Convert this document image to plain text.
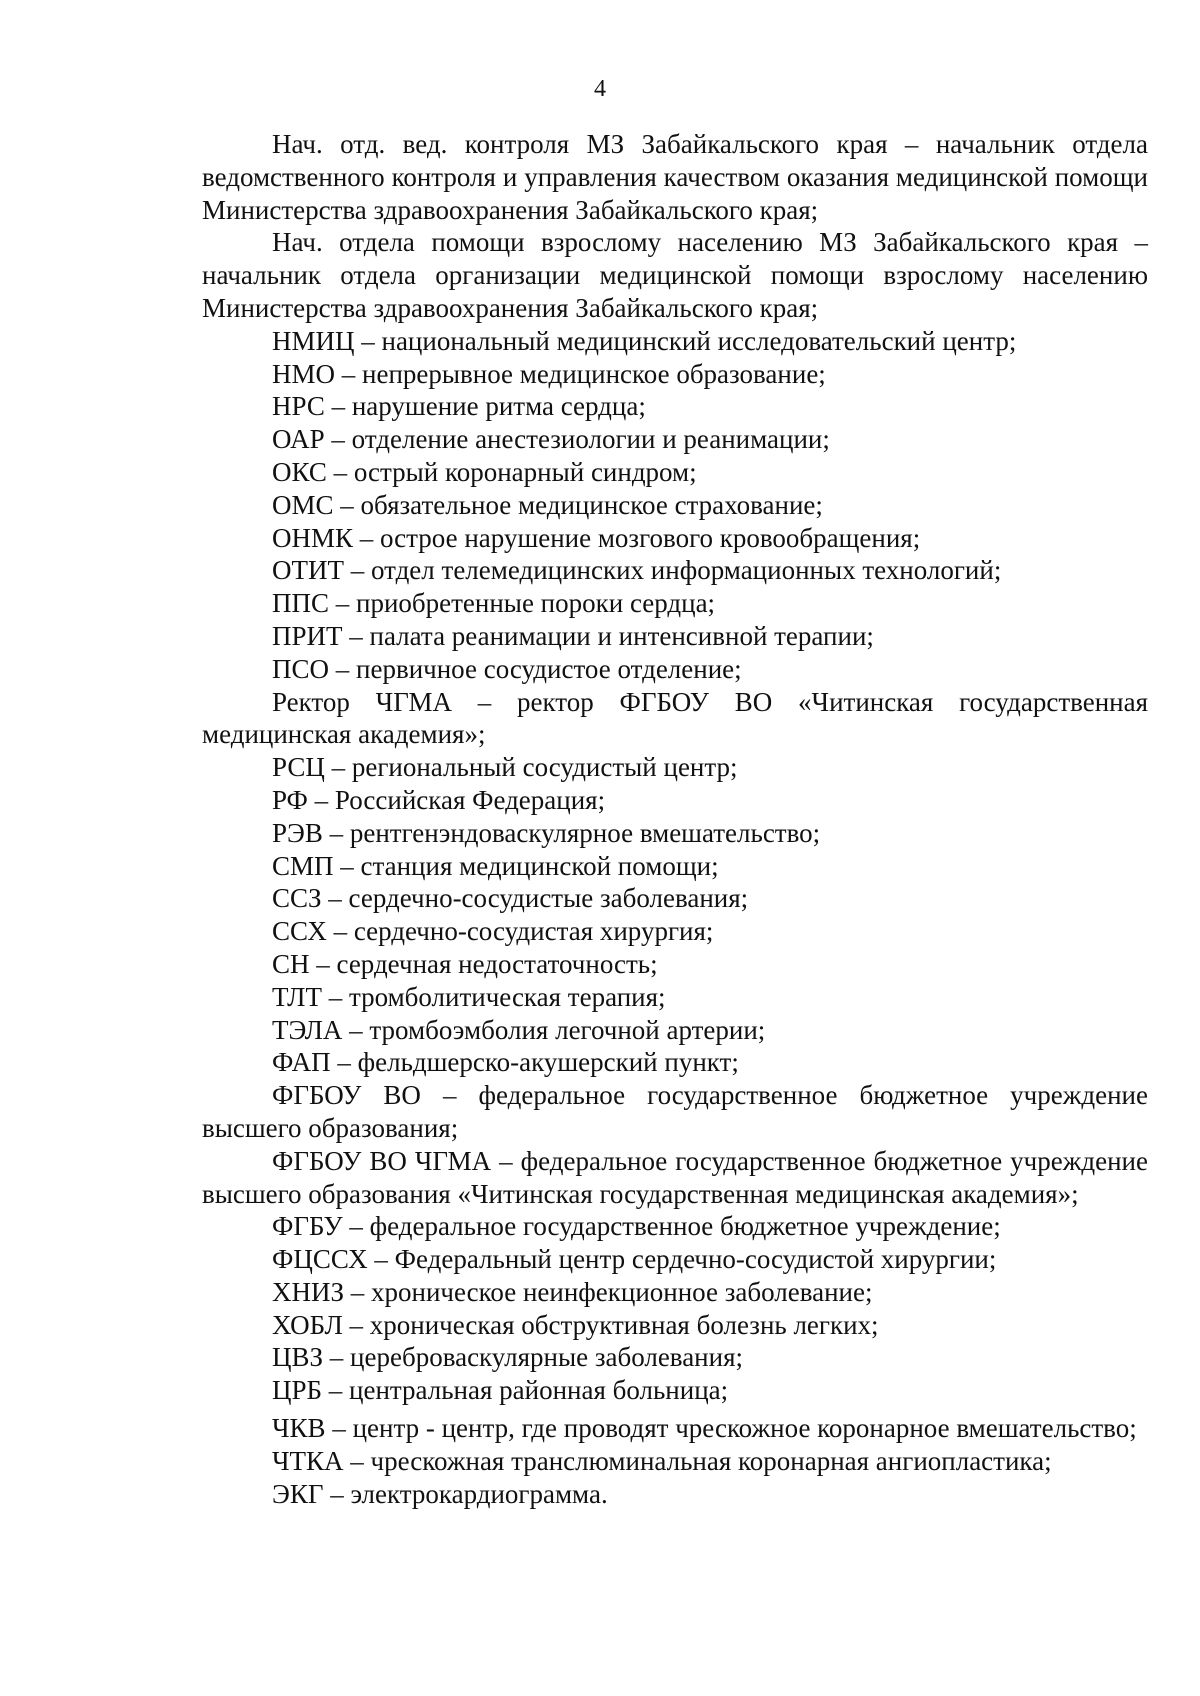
4

Нач. отд. вед. контроля МЗ Забайкальского края – начальник отдела ведомственного контроля и управления качеством оказания медицинской помощи Министерства здравоохранения Забайкальского края;

Нач. отдела помощи взрослому населению МЗ Забайкальского края – начальник отдела организации медицинской помощи взрослому населению Министерства здравоохранения Забайкальского края;

НМИЦ – национальный медицинский исследовательский центр;

НМО – непрерывное медицинское образование;

НРС – нарушение ритма сердца;

ОАР – отделение анестезиологии и реанимации;

ОКС – острый коронарный синдром;

ОМС – обязательное медицинское страхование;

ОНМК – острое нарушение мозгового кровообращения;

ОТИТ – отдел телемедицинских информационных технологий;

ППС – приобретенные пороки сердца;

ПРИТ – палата реанимации и интенсивной терапии;

ПСО – первичное сосудистое отделение;

Ректор ЧГМА – ректор ФГБОУ ВО «Читинская государственная медицинская академия»;

РСЦ – региональный сосудистый центр;

РФ – Российская Федерация;

РЭВ – рентгенэндоваскулярное вмешательство;

СМП – станция медицинской помощи;

ССЗ – сердечно-сосудистые заболевания;

ССХ – сердечно-сосудистая хирургия;

СН – сердечная недостаточность;

ТЛТ – тромболитическая терапия;

ТЭЛА – тромбоэмболия легочной артерии;

ФАП – фельдшерско-акушерский пункт;

ФГБОУ ВО – федеральное государственное бюджетное учреждение высшего образования;

ФГБОУ ВО ЧГМА – федеральное государственное бюджетное учреждение высшего образования «Читинская государственная медицинская академия»;

ФГБУ – федеральное государственное бюджетное учреждение;

ФЦССХ – Федеральный центр сердечно-сосудистой хирургии;

ХНИЗ – хроническое неинфекционное заболевание;

ХОБЛ – хроническая обструктивная болезнь легких;

ЦВЗ – цереброваскулярные заболевания;

ЦРБ – центральная районная больница;

ЧКВ – центр - центр, где проводят чрескожное коронарное вмешательство;

ЧТКА – чрескожная транслюминальная коронарная ангиопластика;

ЭКГ – электрокардиограмма.
